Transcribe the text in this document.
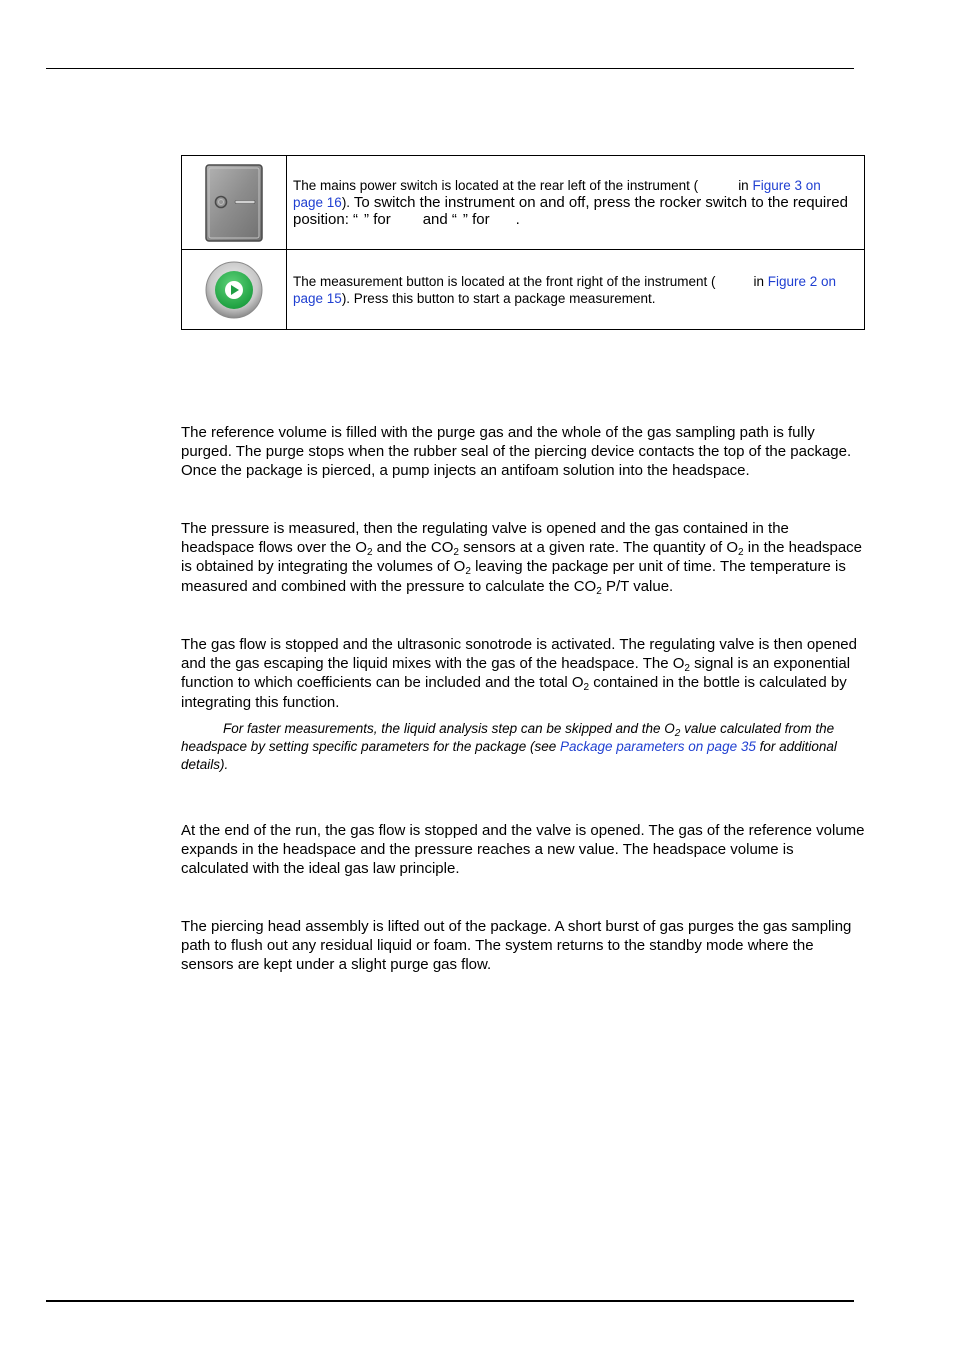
	The mains power switch is located at the rear left of the instrument ( in Figure 3 on page 16). To switch the instrument on and off, press the rocker switch to the required position: “ ” for and “ ” for .

	The measurement button is located at the front right of the instrument ( in Figure 2 on page 15). Press this button to start a package measurement.

The reference volume is filled with the purge gas and the whole of the gas sampling path is fully purged. The purge stops when the rubber seal of the piercing device contacts the top of the package. Once the package is pierced, a pump injects an antifoam solution into the headspace.

The pressure is measured, then the regulating valve is opened and the gas contained in the headspace flows over the $O_2$ and the $CO_2$ sensors at a given rate. The quantity of $O_2$ in the headspace is obtained by integrating the volumes of $O_2$ leaving the package per unit of time. The temperature is measured and combined with the pressure to calculate the $CO_2$ P/T value.

The gas flow is stopped and the ultrasonic sonotrode is activated. The regulating valve is then opened and the gas escaping the liquid mixes with the gas of the headspace. The $O_2$ signal is an exponential function to which coefficients can be included and the total $O_2$ contained in the bottle is calculated by integrating this function.

For faster measurements, the liquid analysis step can be skipped and the $O_2$ value calculated from the headspace by setting specific parameters for the package (see Package parameters on page 35 for additional details).

At the end of the run, the gas flow is stopped and the valve is opened. The gas of the reference volume expands in the headspace and the pressure reaches a new value. The headspace volume is calculated with the ideal gas law principle.

The piercing head assembly is lifted out of the package. A short burst of gas purges the gas sampling path to flush out any residual liquid or foam. The system returns to the standby mode where the sensors are kept under a slight purge gas flow.
